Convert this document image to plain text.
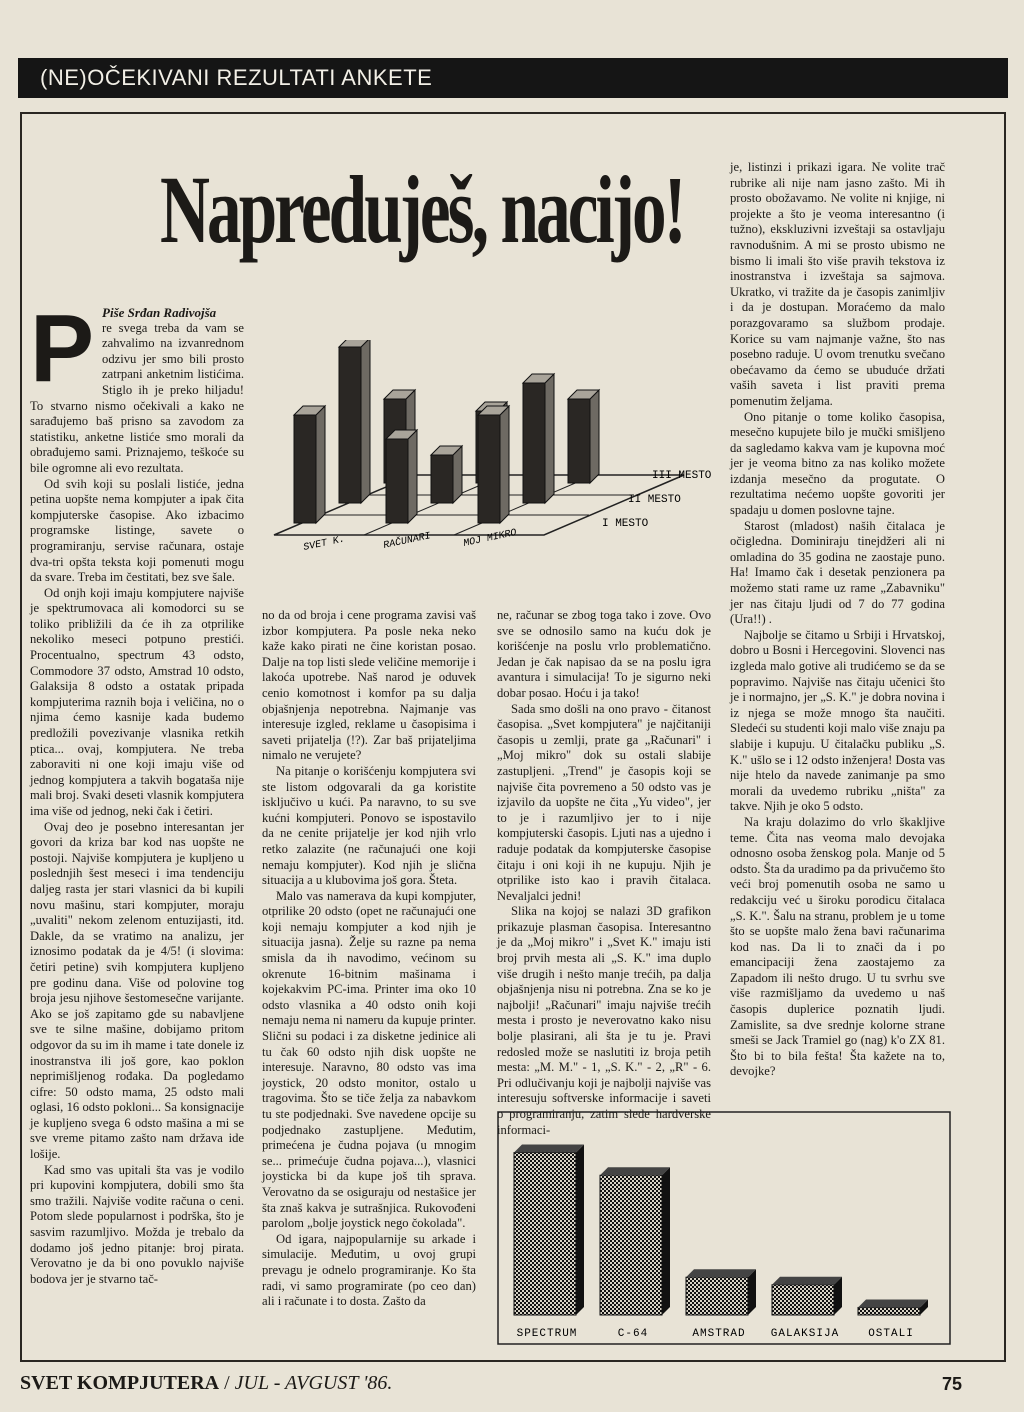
(NE)OČEKIVANI REZULTATI ANKETE
Napreduješ, nacijo!
P Piše Srđan Radivojša

re svega treba da vam se zahvalimo na izvanrednom odzivu jer smo bili prosto zatrpani anketnim listićima. Stiglo ih je preko hiljadu! To stvarno nismo očekivali a kako ne sarađujemo baš prisno sa zavodom za statistiku, anketne listiće smo morali da obrađujemo sami. Priznajemo, teškoće su bile ogromne ali evo rezultata.

Od svih koji su poslali listiće, jedna petina uopšte nema kompjuter a ipak čita kompjuterske časopise. Ako izbacimo programske listinge, savete o programiranju, servise računara, ostaje dva-tri opšta teksta koji pomenuti mogu da svare. Treba im čestitati, bez sve šale.

Od onjh koji imaju kompjutere najviše je spektrumovaca ali komodorci su se toliko približili da će ih za otprilike nekoliko meseci potpuno prestići. Procentualno, spectrum 43 odsto, Commodore 37 odsto, Amstrad 10 odsto, Galaksija 8 odsto a ostatak pripada kompjuterima raznih boja i veličina, no o njima ćemo kasnije kada budemo predložili povezivanje vlasnika retkih ptica... ovaj, kompjutera. Ne treba zaboraviti ni one koji imaju više od jednog kompjutera a takvih bogataša nije mali broj. Svaki deseti vlasnik kompjutera ima više od jednog, neki čak i četiri.

Ovaj deo je posebno interesantan jer govori da kriza bar kod nas uopšte ne postoji. Najviše kompjutera je kupljeno u poslednjih šest meseci i ima tendenciju daljeg rasta jer stari vlasnici da bi kupili novu mašinu, stari kompjuter, moraju „uvaliti" nekom zelenom entuzijasti, itd. Dakle, da se vratimo na analizu, jer iznosimo podatak da je 4/5! (i slovima: četiri petine) svih kompjutera kupljeno pre godinu dana. Više od polovine tog broja jesu njihove šestomesečne varijante. Ako se još zapitamo gde su nabavljene sve te silne mašine, dobijamo pritom odgovor da su im ih mame i tate donele iz inostranstva ili još gore, kao poklon neprimišljenog rođaka. Da pogledamo cifre: 50 odsto mama, 25 odsto mali oglasi, 16 odsto pokloni... Sa konsignacije je kupljeno svega 6 odsto mašina a mi se sve vreme pitamo zašto nam država ide lošije.

Kad smo vas upitali šta vas je vodilo pri kupovini kompjutera, dobili smo šta smo tražili. Najviše vodite računa o ceni. Potom slede popularnost i podrška, što je sasvim razumljivo. Možda je trebalo da dodamo još jedno pitanje: broj pirata. Verovatno je da bi ono povuklo najviše bodova jer je stvarno tač-

SVET K.	RAČUNARI	MOJ MIKRO
III MESTO
II MESTO
I MESTO

no da od broja i cene programa zavisi vaš izbor kompjutera. Pa posle neka neko kaže kako pirati ne čine koristan posao. Dalje na top listi slede veličine memorije i lakoća upotrebe. Naš narod je oduvek cenio komotnost i komfor pa su dalja objašnjenja nepotrebna. Najmanje vas interesuje izgled, reklame u časopisima i saveti prijatelja (!?). Zar baš prijateljima nimalo ne verujete?

Na pitanje o korišćenju kompjutera svi ste listom odgovarali da ga koristite isključivo u kući. Pa naravno, to su sve kućni kompjuteri. Ponovo se ispostavilo da ne cenite prijatelje jer kod njih vrlo retko zalazite (ne računajući one koji nemaju kompjuter). Kod njih je slična situacija a u klubovima još gora. Šteta.

Malo vas namerava da kupi kompjuter, otprilike 20 odsto (opet ne računajući one koji nemaju kompjuter a kod njih je situacija jasna). Želje su razne pa nema smisla da ih navodimo, većinom su okrenute 16-bitnim mašinama i kojekakvim PC-ima. Printer ima oko 10 odsto vlasnika a 40 odsto onih koji nemaju nema ni nameru da kupuje printer. Slični su podaci i za disketne jedinice ali tu čak 60 odsto njih disk uopšte ne interesuje. Naravno, 80 odsto vas ima joystick, 20 odsto monitor, ostalo u tragovima. Što se tiče želja za nabavkom tu ste podjednaki. Sve navedene opcije su podjednako zastupljene. Međutim, primećena je čudna pojava (u mnogim se... primećuje čudna pojava...), vlasnici joysticka bi da kupe još tih sprava. Verovatno da se osiguraju od nestašice jer šta znaš kakva je sutrašnjica. Rukovođeni parolom „bolje joystick nego čokolada".

Od igara, najpopularnije su arkade i simulacije. Međutim, u ovoj grupi prevagu je odnelo programiranje. Ko šta radi, vi samo programirate (po ceo dan) ali i računate i to dosta. Zašto da

ne, računar se zbog toga tako i zove. Ovo sve se odnosilo samo na kuću dok je korišćenje na poslu vrlo problematično. Jedan je čak napisao da se na poslu igra avantura i simulacija! To je sigurno neki dobar posao. Hoću i ja tako!

Sada smo došli na ono pravo - čitanost časopisa. „Svet kompjutera" je najčitaniji časopis u zemlji, prate ga „Računari" i „Moj mikro" dok su ostali slabije zastupljeni. „Trend" je časopis koji se najviše čita povremeno a 50 odsto vas je izjavilo da uopšte ne čita „Yu video", jer to je i razumljivo jer to i nije kompjuterski časopis. Ljuti nas a ujedno i raduje podatak da kompjuterske časopise čitaju i oni koji ih ne kupuju. Njih je otprilike isto kao i pravih čitalaca. Nevaljalci jedni!

Slika na kojoj se nalazi 3D grafikon prikazuje plasman časopisa. Interesantno je da „Moj mikro" i „Svet K." imaju isti broj prvih mesta ali „S. K." ima duplo više drugih i nešto manje trećih, pa dalja objašnjenja nisu ni potrebna. Zna se ko je najbolji! „Računari" imaju najviše trećih mesta i prosto je neverovatno kako nisu bolje plasirani, ali šta je tu je. Pravi redosled može se naslutiti iz broja petih mesta: „M. M." - 1, „S. K." - 2, „R" - 6. Pri odlučivanju koji je najbolji najviše vas interesuju softverske informacije i saveti o programiranju, zatim slede hardverske informaci-

je, listinzi i prikazi igara. Ne volite trač rubrike ali nije nam jasno zašto. Mi ih prosto obožavamo. Ne volite ni knjige, ni projekte a što je veoma interesantno (i tužno), ekskluzivni izveštaji sa ostavljaju ravnodušnim. A mi se prosto ubismo ne bismo li imali što više pravih tekstova iz inostranstva i izveštaja sa sajmova. Ukratko, vi tražite da je časopis zanimljiv i da je dostupan. Moraćemo da malo porazgovaramo sa službom prodaje. Korice su vam najmanje važne, što nas posebno raduje. U ovom trenutku svečano obećavamo da ćemo se ubuduće držati vaših saveta i list praviti prema pomenutim željama.

Ono pitanje o tome koliko časopisa, mesečno kupujete bilo je mučki smišljeno da sagledamo kakva vam je kupovna moć jer je veoma bitno za nas koliko možete izdanja mesečno da progutate. O rezultatima nećemo uopšte govoriti jer spadaju u domen poslovne tajne.

Starost (mladost) naših čitalaca je očigledna. Dominiraju tinejdžeri ali ni omladina do 35 godina ne zaostaje puno. Ha! Imamo čak i desetak penzionera pa možemo stati rame uz rame „Zabavniku" jer nas čitaju ljudi od 7 do 77 godina (Ura!!) .

Najbolje se čitamo u Srbiji i Hrvatskoj, dobro u Bosni i Hercegovini. Slovenci nas izgleda malo gotive ali trudićemo se da se popravimo. Najviše nas čitaju učenici što je i normajno, jer „S. K." je dobra novina i iz njega se može mnogo šta naučiti. Sledeći su studenti koji malo više znaju pa slabije i kupuju. U čitalačku publiku „S. K." ušlo se i 12 odsto inženjera! Dosta vas nije htelo da navede zanimanje pa smo morali da uvedemo rubriku „ništa" za takve. Njih je oko 5 odsto.

Na kraju dolazimo do vrlo škakljive teme. Čita nas veoma malo devojaka odnosno osoba ženskog pola. Manje od 5 odsto. Šta da uradimo pa da privučemo što veći broj pomenutih osoba ne samo u redakciju već u široku porodicu čitalaca „S. K.". Šalu na stranu, problem je u tome što se uopšte malo žena bavi računarima kod nas. Da li to znači da i po emancipaciji žena zaostajemo za Zapadom ili nešto drugo. U tu svrhu sve više razmišljamo da uvedemo u naš časopis duplerice poznatih ljudi. Zamislite, sa dve srednje kolorne strane smeši se Jack Tramiel go (nag) k'o ZX 81. Što bi to bila fešta! Šta kažete na to, devojke?

SPECTRUM	C-64	AMSTRAD GALAKSIJA	OSTALI
SVET KOMPJUTERA / JUL - AVGUST '86.	75
